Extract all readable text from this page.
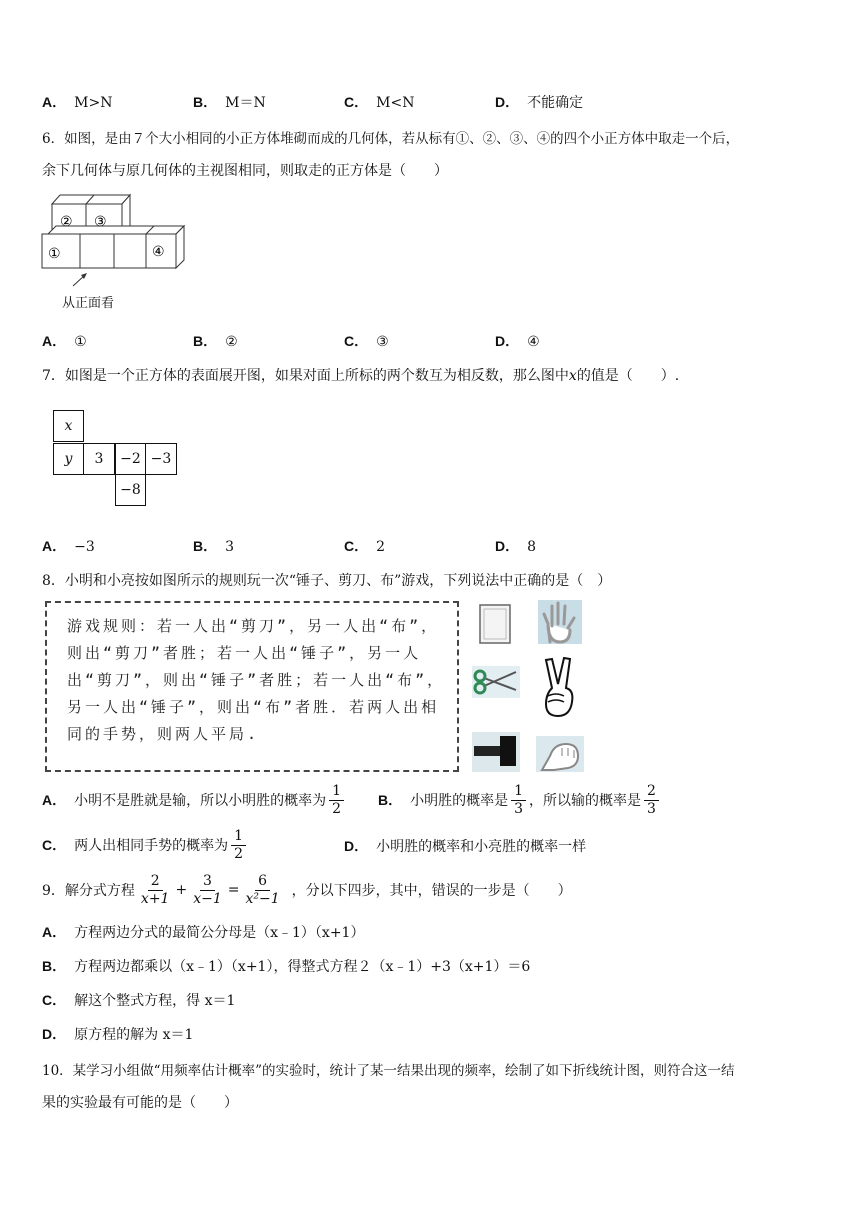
A． M>N	B． M＝N	C． M<N	D． 不能确定
6．如图，是由７个大小相同的小正方体堆砌而成的几何体，若从标有①、②、③、④的四个小正方体中取走一个后，
余下几何体与原几何体的主视图相同，则取走的正方体是（　　）
② ③
①	④
从正面看
A． ①	B． ②	C． ③	D． ④
7．如图是一个正方体的表面展开图，如果对面上所标的两个数互为相反数，那么图中x的值是（　　）.
x
y	3	−2 −3
−8
A． −3	B． 3	C． 2	D． 8
8．小明和小亮按如图所示的规则玩一次“锤子、剪刀、布”游戏，下列说法中正确的是（　）
游戏规则：若一人出“剪刀”，另一人出“布”，则出“剪刀”者胜；若一人出“锤子”，另一人出“剪刀”，则出“锤子”者胜；若一人出“布”，另一人出“锤子”，则出“布”者胜．若两人出相同的手势，则两人平局.
A． 小明不是胜就是输，所以小明胜的概率为 $\frac{1}{2}$ B． 小明胜的概率是 $\frac{1}{3}$ ，所以输的概率是 $\frac{2}{3}$
C． 两人出相同手势的概率为 $\frac{1}{2}$	D． 小明胜的概率和小亮胜的概率一样
9．解分式方程 $\frac{2}{x+1} + \frac{3}{x-1} = \frac{6}{\text{x²−1}}$ ，分以下四步，其中，错误的一步是（　　）
A． 方程两边分式的最简公分母是（x﹣1）（x+1）
B． 方程两边都乘以（x﹣1）（x+1），得整式方程２（x﹣1）+3（x+1）＝6
C． 解这个整式方程，得 x＝1
D． 原方程的解为 x＝1
10．某学习小组做“用频率估计概率”的实验时，统计了某一结果出现的频率，绘制了如下折线统计图，则符合这一结
果的实验最有可能的是（　　）
